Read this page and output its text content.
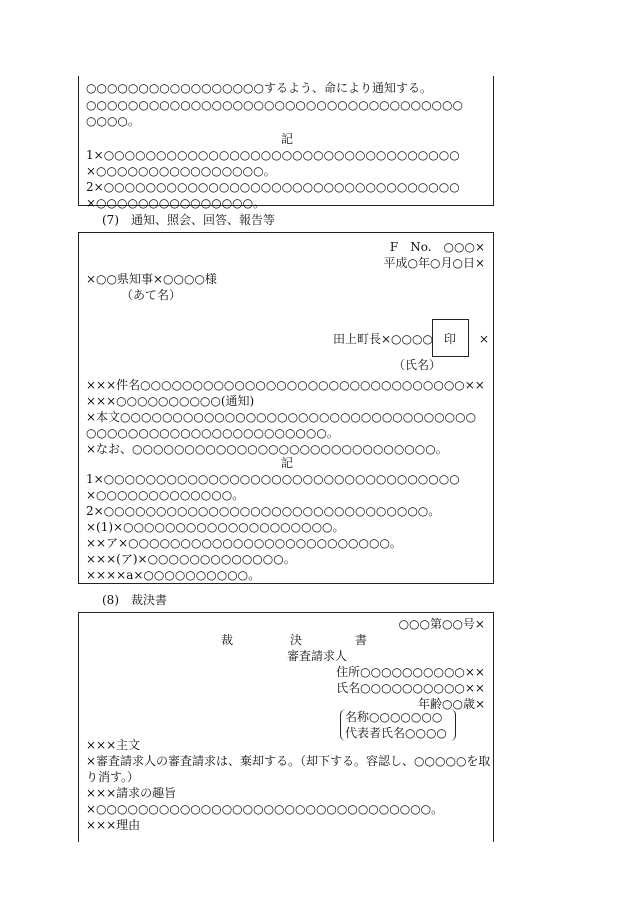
○○○○○○○○○○○○○○○○○するよう、命により通知する。
○○○○○○○○○○○○○○○○○○○○○○○○○○○○○○○○○○○○
○○○○。
記
1×○○○○○○○○○○○○○○○○○○○○○○○○○○○○○○○○○○
×○○○○○○○○○○○○○○○○。
2×○○○○○○○○○○○○○○○○○○○○○○○○○○○○○○○○○○
×○○○○○○○○○○○○○○○。
(7)　通知、照会、回答、報告等
F　No.　○○○×
平成○年○月○日×
×○○県知事×○○○○様
（あて名）
田上町長×○○○○ 印 ×
（氏名）
×××件名○○○○○○○○○○○○○○○○○○○○○○○○○○○○○○○××
×××○○○○○○○○○○(通知)
×本文○○○○○○○○○○○○○○○○○○○○○○○○○○○○○○○○○○
○○○○○○○○○○○○○○○○○○○○○○○。
×なお、○○○○○○○○○○○○○○○○○○○○○○○○○○○○○。
記
1×○○○○○○○○○○○○○○○○○○○○○○○○○○○○○○○○○○
×○○○○○○○○○○○○○。
2×○○○○○○○○○○○○○○○○○○○○○○○○○○○○○○○。
×(1)×○○○○○○○○○○○○○○○○○○○○。
××ア×○○○○○○○○○○○○○○○○○○○○○○○○○。
×××(ア)×○○○○○○○○○○○○○。
××××a×○○○○○○○○○○。
(8)　裁決書
○○○第○○号×
裁	決	書
審査請求人
住所○○○○○○○○○○××
氏名○○○○○○○○○○××
年齢○○歳×
名称○○○○○○○
代表者氏名○○○○
×××主文
×審査請求人の審査請求は、棄却する。（却下する。容認し、○○○○○を取
り消す。）
×××請求の趣旨
×○○○○○○○○○○○○○○○○○○○○○○○○○○○○○○○○。
×××理由
